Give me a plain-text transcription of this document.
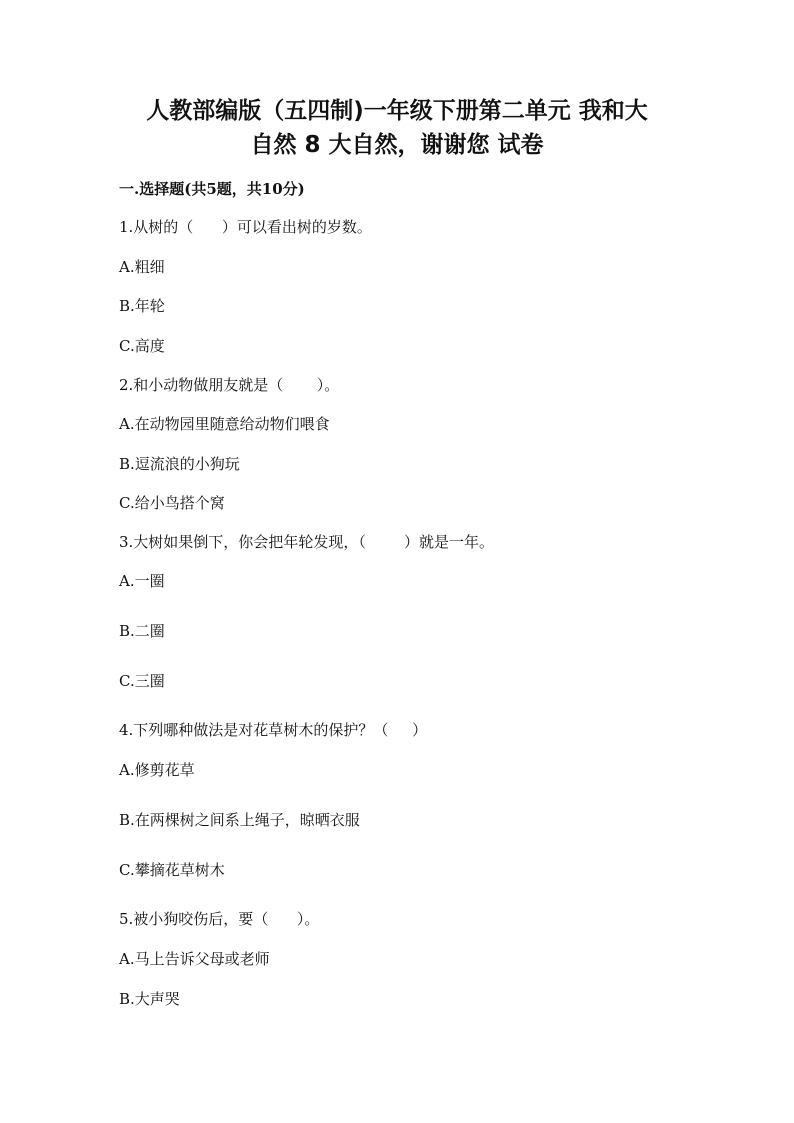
人教部编版（五四制)一年级下册第二单元 我和大
自然 8 大自然，谢谢您 试卷
一.选择题(共5题，共10分)
1.从树的（      ）可以看出树的岁数。
A.粗细
B.年轮
C.高度
2.和小动物做朋友就是（       ）。
A.在动物园里随意给动物们喂食
B.逗流浪的小狗玩
C.给小鸟搭个窝
3.大树如果倒下，你会把年轮发现，（        ）就是一年。
A.一圈
B.二圈
C.三圈
4.下列哪种做法是对花草树木的保护？（     ）
A.修剪花草
B.在两棵树之间系上绳子，晾晒衣服
C.攀摘花草树木
5.被小狗咬伤后，要（      ）。
A.马上告诉父母或老师
B.大声哭
